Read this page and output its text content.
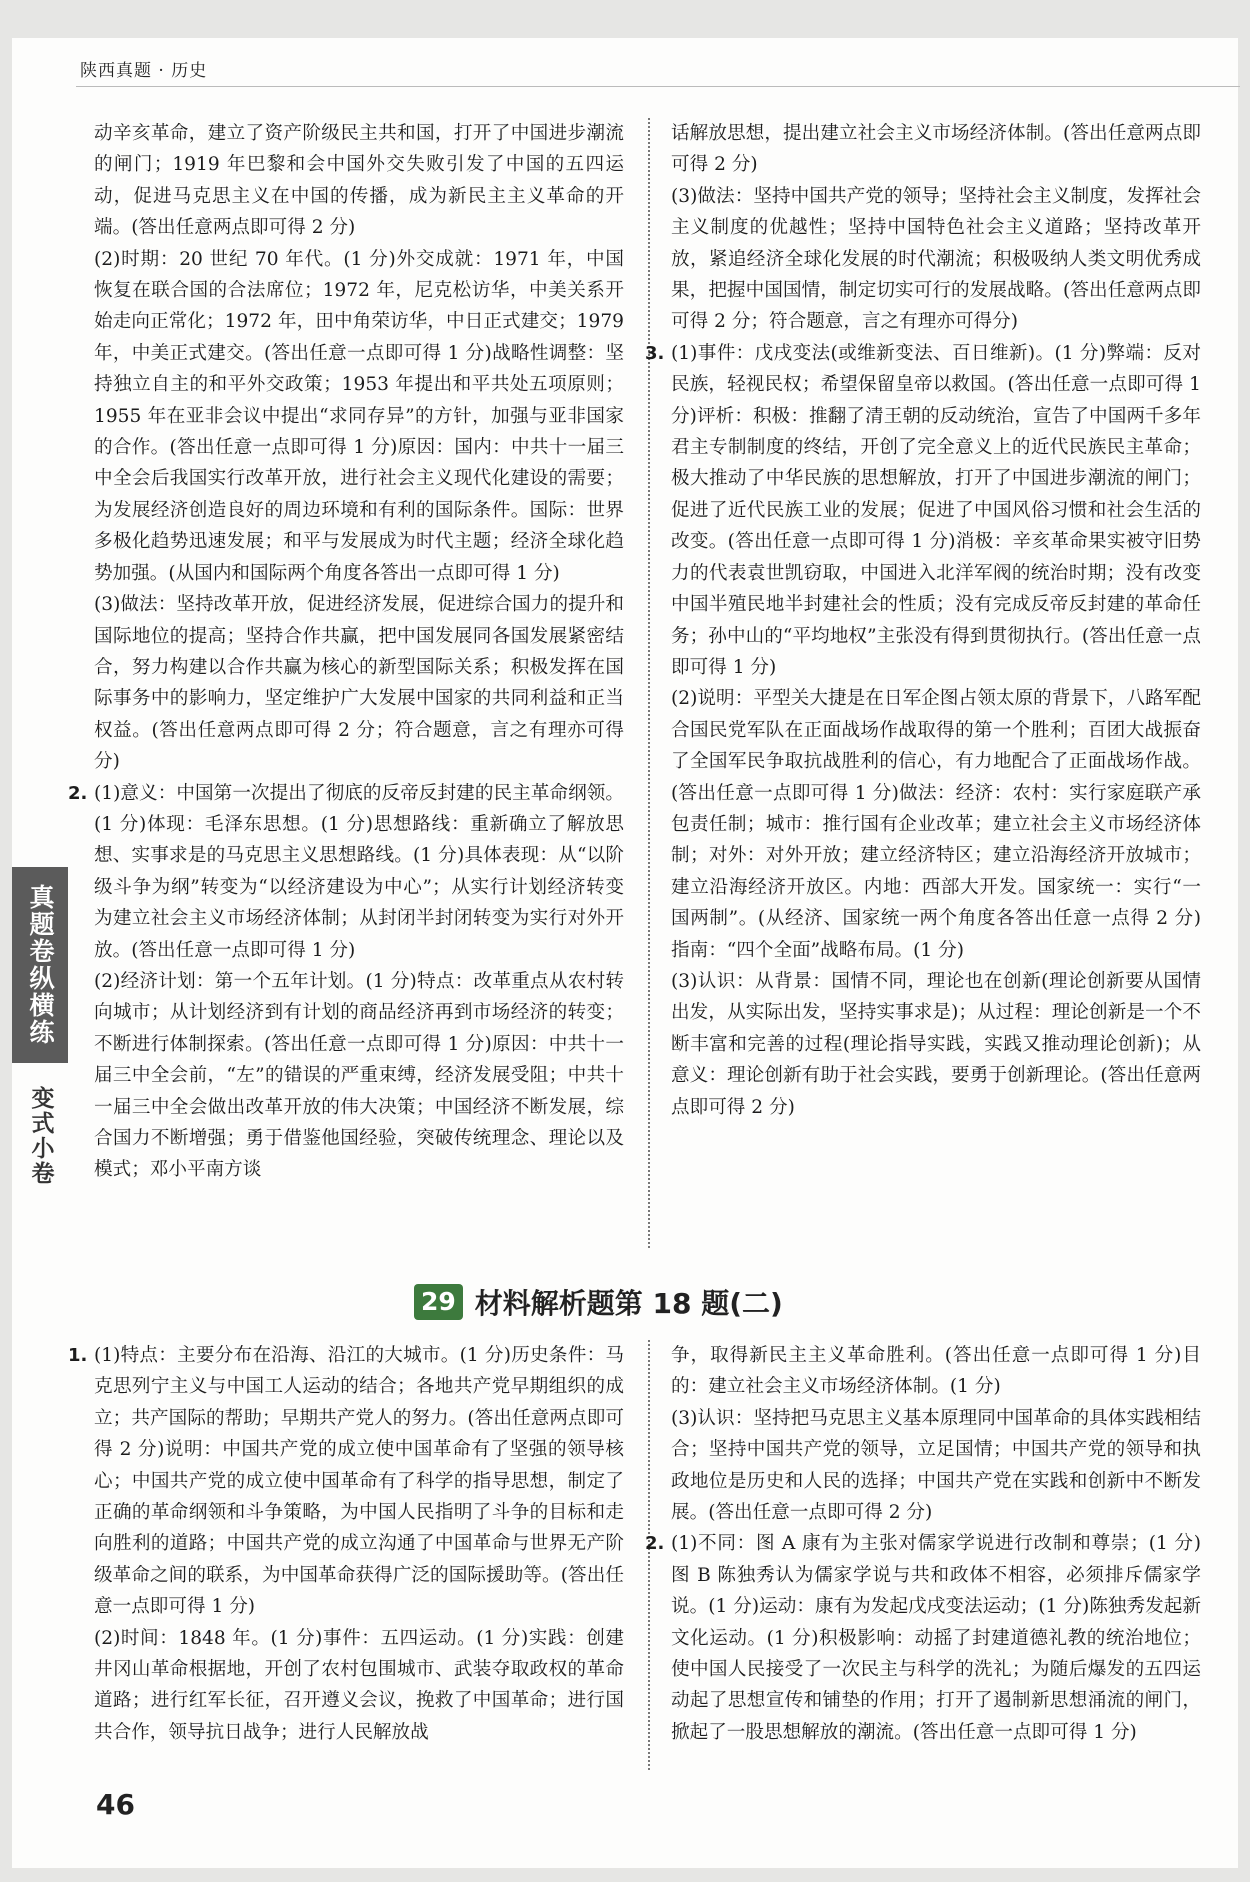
陕西真题 · 历史
真题卷纵横练
变式小卷

动辛亥革命，建立了资产阶级民主共和国，打开了中国进步潮流的闸门；1919 年巴黎和会中国外交失败引发了中国的五四运动，促进马克思主义在中国的传播，成为新民主主义革命的开端。(答出任意两点即可得 2 分)

(2)时期：20 世纪 70 年代。(1 分)外交成就：1971 年，中国恢复在联合国的合法席位；1972 年，尼克松访华，中美关系开始走向正常化；1972 年，田中角荣访华，中日正式建交；1979 年，中美正式建交。(答出任意一点即可得 1 分)战略性调整：坚持独立自主的和平外交政策；1953 年提出和平共处五项原则；1955 年在亚非会议中提出“求同存异”的方针，加强与亚非国家的合作。(答出任意一点即可得 1 分)原因：国内：中共十一届三中全会后我国实行改革开放，进行社会主义现代化建设的需要；为发展经济创造良好的周边环境和有利的国际条件。国际：世界多极化趋势迅速发展；和平与发展成为时代主题；经济全球化趋势加强。(从国内和国际两个角度各答出一点即可得 1 分)

(3)做法：坚持改革开放，促进经济发展，促进综合国力的提升和国际地位的提高；坚持合作共赢，把中国发展同各国发展紧密结合，努力构建以合作共赢为核心的新型国际关系；积极发挥在国际事务中的影响力，坚定维护广大发展中国家的共同利益和正当权益。(答出任意两点即可得 2 分；符合题意，言之有理亦可得分)

2. (1)意义：中国第一次提出了彻底的反帝反封建的民主革命纲领。(1 分)体现：毛泽东思想。(1 分)思想路线：重新确立了解放思想、实事求是的马克思主义思想路线。(1 分)具体表现：从“以阶级斗争为纲”转变为“以经济建设为中心”；从实行计划经济转变为建立社会主义市场经济体制；从封闭半封闭转变为实行对外开放。(答出任意一点即可得 1 分)

(2)经济计划：第一个五年计划。(1 分)特点：改革重点从农村转向城市；从计划经济到有计划的商品经济再到市场经济的转变；不断进行体制探索。(答出任意一点即可得 1 分)原因：中共十一届三中全会前，“左”的错误的严重束缚，经济发展受阻；中共十一届三中全会做出改革开放的伟大决策；中国经济不断发展，综合国力不断增强；勇于借鉴他国经验，突破传统理念、理论以及模式；邓小平南方谈

话解放思想，提出建立社会主义市场经济体制。(答出任意两点即可得 2 分)

(3)做法：坚持中国共产党的领导；坚持社会主义制度，发挥社会主义制度的优越性；坚持中国特色社会主义道路；坚持改革开放，紧追经济全球化发展的时代潮流；积极吸纳人类文明优秀成果，把握中国国情，制定切实可行的发展战略。(答出任意两点即可得 2 分；符合题意，言之有理亦可得分)

3. (1)事件：戊戌变法(或维新变法、百日维新)。(1 分)弊端：反对民族，轻视民权；希望保留皇帝以救国。(答出任意一点即可得 1 分)评析：积极：推翻了清王朝的反动统治，宣告了中国两千多年君主专制制度的终结，开创了完全意义上的近代民族民主革命；极大推动了中华民族的思想解放，打开了中国进步潮流的闸门；促进了近代民族工业的发展；促进了中国风俗习惯和社会生活的改变。(答出任意一点即可得 1 分)消极：辛亥革命果实被守旧势力的代表袁世凯窃取，中国进入北洋军阀的统治时期；没有改变中国半殖民地半封建社会的性质；没有完成反帝反封建的革命任务；孙中山的“平均地权”主张没有得到贯彻执行。(答出任意一点即可得 1 分)

(2)说明：平型关大捷是在日军企图占领太原的背景下，八路军配合国民党军队在正面战场作战取得的第一个胜利；百团大战振奋了全国军民争取抗战胜利的信心，有力地配合了正面战场作战。(答出任意一点即可得 1 分)做法：经济：农村：实行家庭联产承包责任制；城市：推行国有企业改革；建立社会主义市场经济体制；对外：对外开放；建立经济特区；建立沿海经济开放城市；建立沿海经济开放区。内地：西部大开发。国家统一：实行“一国两制”。(从经济、国家统一两个角度各答出任意一点得 2 分)指南：“四个全面”战略布局。(1 分)

(3)认识：从背景：国情不同，理论也在创新(理论创新要从国情出发，从实际出发，坚持实事求是)；从过程：理论创新是一个不断丰富和完善的过程(理论指导实践，实践又推动理论创新)；从意义：理论创新有助于社会实践，要勇于创新理论。(答出任意两点即可得 2 分)

29 材料解析题第 18 题(二)

1. (1)特点：主要分布在沿海、沿江的大城市。(1 分)历史条件：马克思列宁主义与中国工人运动的结合；各地共产党早期组织的成立；共产国际的帮助；早期共产党人的努力。(答出任意两点即可得 2 分)说明：中国共产党的成立使中国革命有了坚强的领导核心；中国共产党的成立使中国革命有了科学的指导思想，制定了正确的革命纲领和斗争策略，为中国人民指明了斗争的目标和走向胜利的道路；中国共产党的成立沟通了中国革命与世界无产阶级革命之间的联系，为中国革命获得广泛的国际援助等。(答出任意一点即可得 1 分)

(2)时间：1848 年。(1 分)事件：五四运动。(1 分)实践：创建井冈山革命根据地，开创了农村包围城市、武装夺取政权的革命道路；进行红军长征，召开遵义会议，挽救了中国革命；进行国共合作，领导抗日战争；进行人民解放战

争，取得新民主主义革命胜利。(答出任意一点即可得 1 分)目的：建立社会主义市场经济体制。(1 分)

(3)认识：坚持把马克思主义基本原理同中国革命的具体实践相结合；坚持中国共产党的领导，立足国情；中国共产党的领导和执政地位是历史和人民的选择；中国共产党在实践和创新中不断发展。(答出任意一点即可得 2 分)

2. (1)不同：图 A 康有为主张对儒家学说进行改制和尊崇；(1 分)图 B 陈独秀认为儒家学说与共和政体不相容，必须排斥儒家学说。(1 分)运动：康有为发起戊戌变法运动；(1 分)陈独秀发起新文化运动。(1 分)积极影响：动摇了封建道德礼教的统治地位；使中国人民接受了一次民主与科学的洗礼；为随后爆发的五四运动起了思想宣传和铺垫的作用；打开了遏制新思想涌流的闸门，掀起了一股思想解放的潮流。(答出任意一点即可得 1 分)

46
